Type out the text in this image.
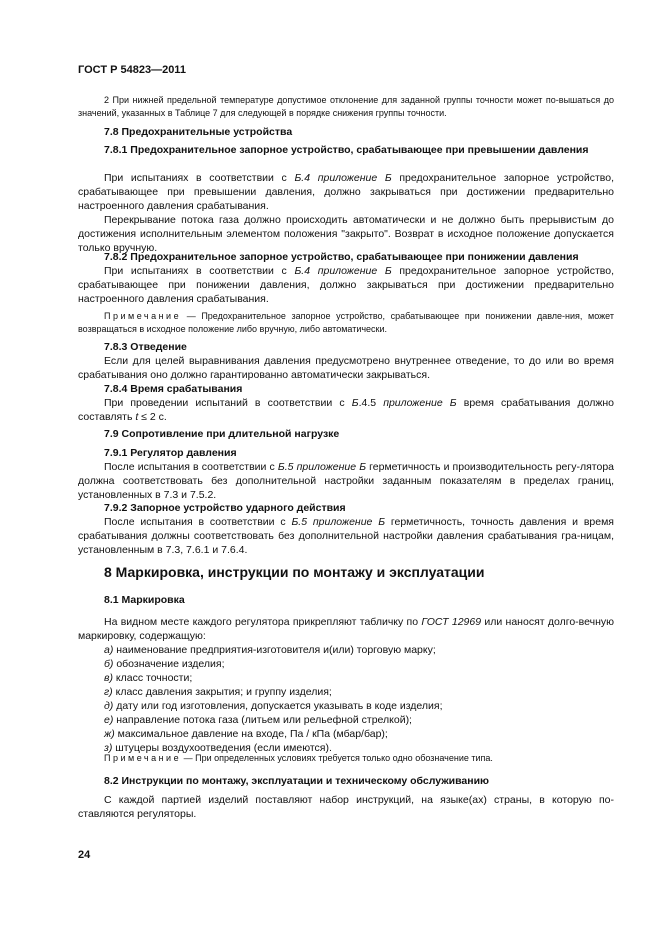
ГОСТ Р 54823—2011

2 При нижней предельной температуре допустимое отклонение для заданной группы точности может по-вышаться до значений, указанных в Таблице 7 для следующей в порядке снижения группы точности.

7.8 Предохранительные устройства
7.8.1 Предохранительное запорное устройство, срабатывающее при превышении давления

При испытаниях в соответствии с Б.4 приложение Б предохранительное запорное устройство, срабатывающее при превышении давления, должно закрываться при достижении предварительно настроенного давления срабатывания.

Перекрывание потока газа должно происходить автоматически и не должно быть прерывистым до достижения исполнительным элементом положения "закрыто". Возврат в исходное положение допускается только вручную.

7.8.2 Предохранительное запорное устройство, срабатывающее при понижении давления

При испытаниях в соответствии с Б.4 приложение Б предохранительное запорное устройство, срабатывающее при понижении давления, должно закрываться при достижении предварительно настроенного давления срабатывания.

Примечание — Предохранительное запорное устройство, срабатывающее при понижении давле-ния, может возвращаться в исходное положение либо вручную, либо автоматически.

7.8.3 Отведение

Если для целей выравнивания давления предусмотрено внутреннее отведение, то до или во время срабатывания оно должно гарантированно автоматически закрываться.

7.8.4 Время срабатывания

При проведении испытаний в соответствии с Б.4.5 приложение Б время срабатывания должно составлять t ≤ 2 с.

7.9 Сопротивление при длительной нагрузке
7.9.1 Регулятор давления

После испытания в соответствии с Б.5 приложение Б герметичность и производительность регу-лятора должна соответствовать без дополнительной настройки заданным показателям в пределах границ, установленных в 7.3 и 7.5.2.

7.9.2 Запорное устройство ударного действия

После испытания в соответствии с Б.5 приложение Б герметичность, точность давления и время срабатывания должны соответствовать без дополнительной настройки давления срабатывания гра-ницам, установленным в 7.3, 7.6.1 и 7.6.4.

8 Маркировка, инструкции по монтажу и эксплуатации
8.1 Маркировка

На видном месте каждого регулятора прикрепляют табличку по ГОСТ 12969 или наносят долго-вечную маркировку, содержащую:

а) наименование предприятия-изготовителя и(или) торговую марку;
б) обозначение изделия;
в) класс точности;
г) класс давления закрытия; и группу изделия;
д) дату или год изготовления, допускается указывать в коде изделия;
е) направление потока газа (литьем или рельефной стрелкой);
ж) максимальное давление на входе, Па / кПа (мбар/бар);
з) штуцеры воздухоотведения (если имеются).

Примечание — При определенных условиях требуется только одно обозначение типа.

8.2 Инструкции по монтажу, эксплуатации и техническому обслуживанию

С каждой партией изделий поставляют набор инструкций, на языке(ах) страны, в которую по-ставляются регуляторы.

24
